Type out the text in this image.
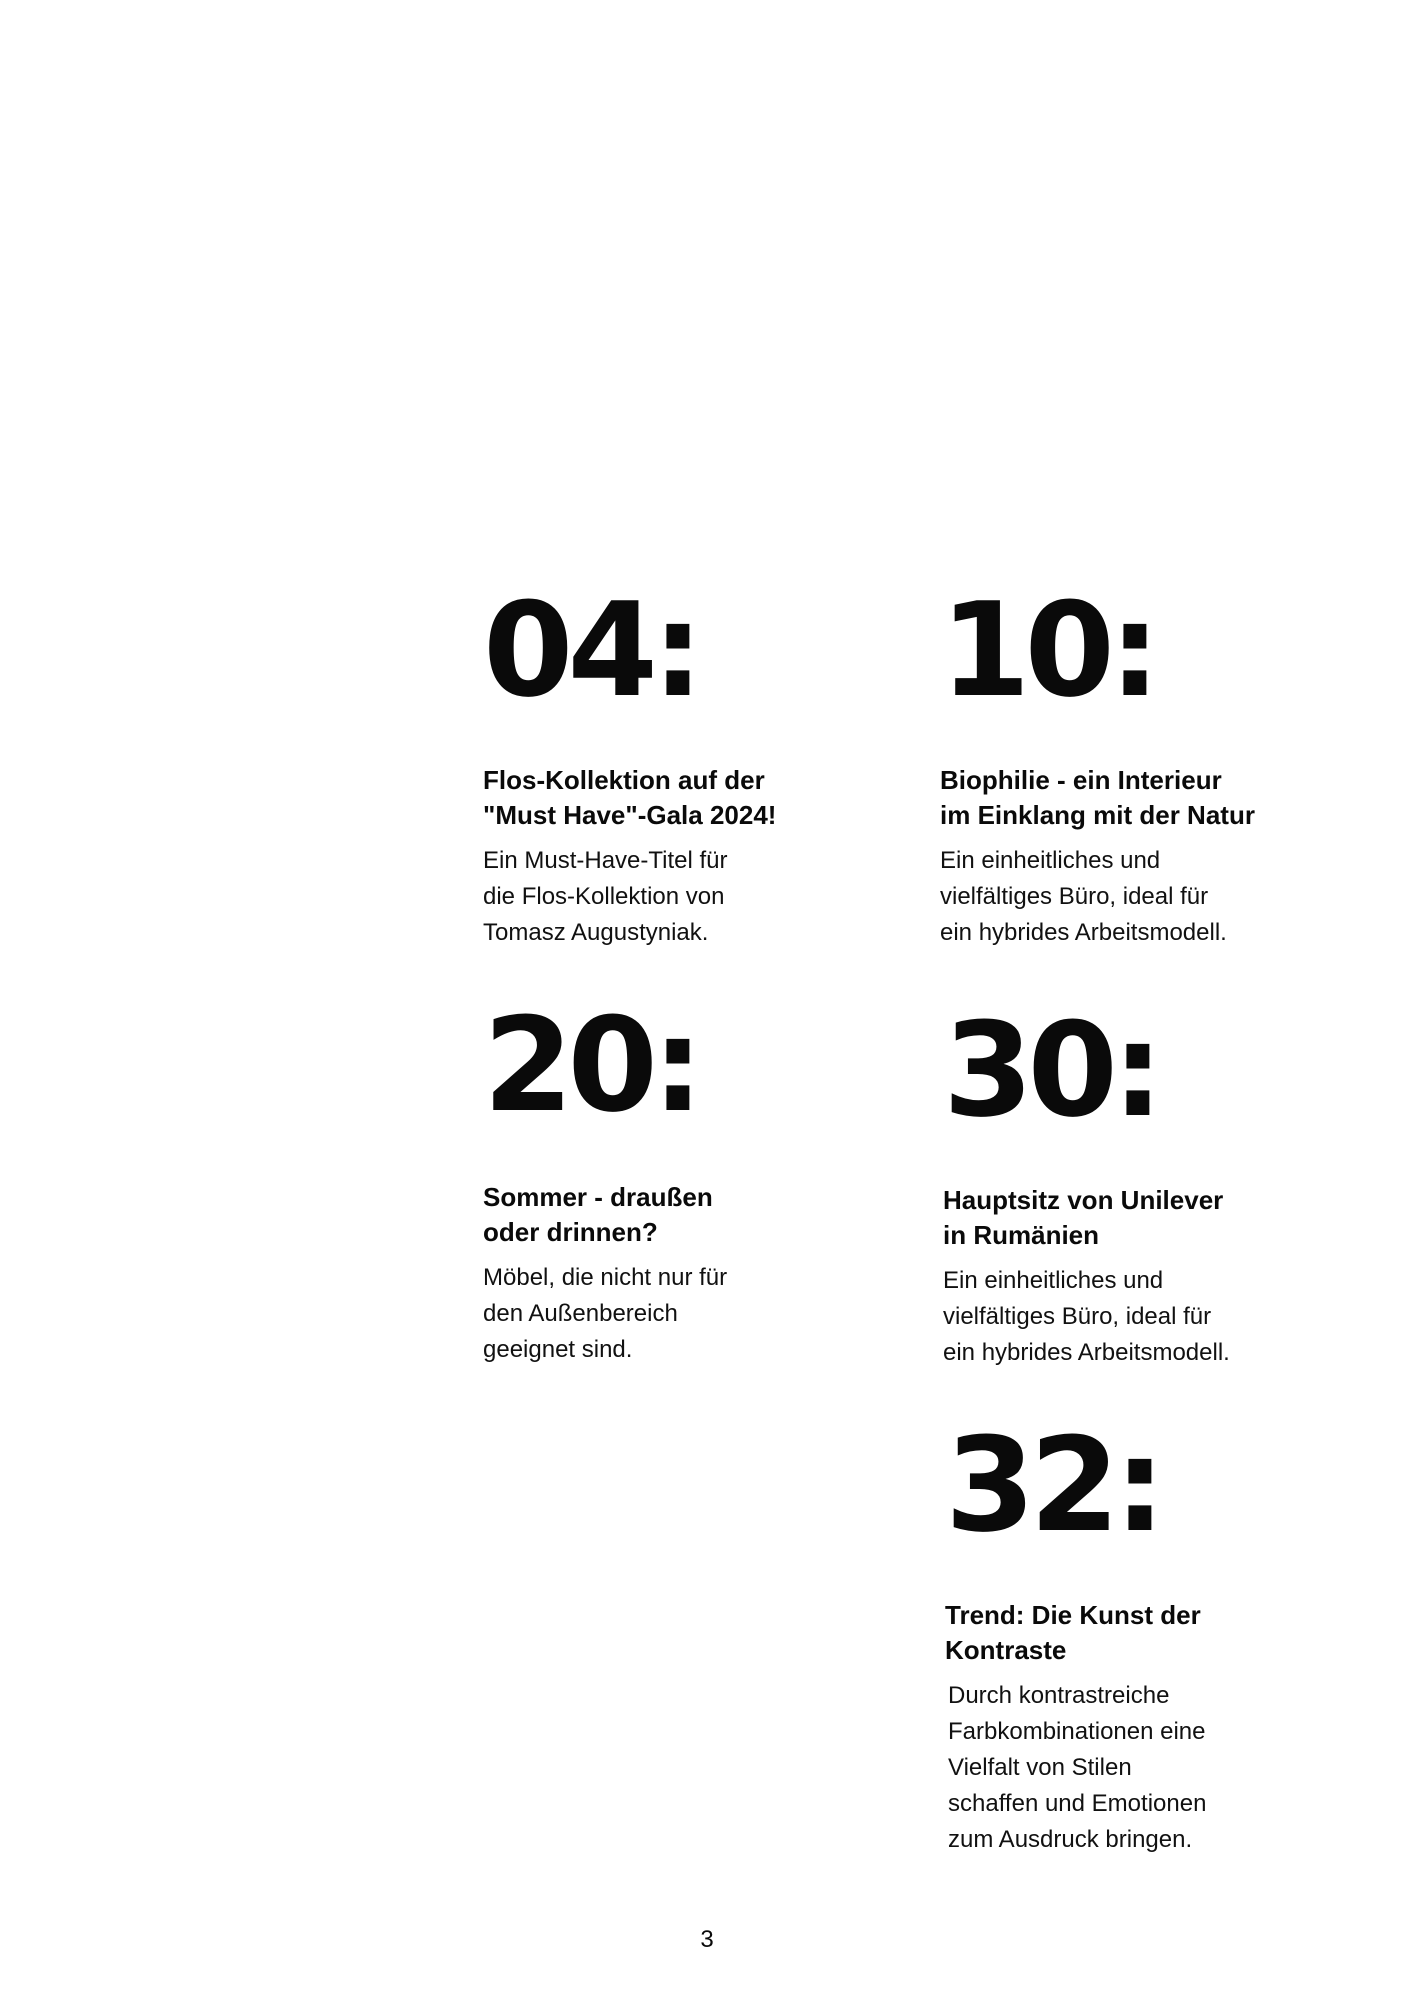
04:
Flos-Kollektion auf der
"Must Have"-Gala 2024!
Ein Must-Have-Titel für
die Flos-Kollektion von
Tomasz Augustyniak.
10:
Biophilie - ein Interieur
im Einklang mit der Natur
Ein einheitliches und
vielfältiges Büro, ideal für
ein hybrides Arbeitsmodell.
20:
Sommer - draußen
oder drinnen?
Möbel, die nicht nur für
den Außenbereich
geeignet sind.
30:
Hauptsitz von Unilever
in Rumänien
Ein einheitliches und
vielfältiges Büro, ideal für
ein hybrides Arbeitsmodell.
32:
Trend: Die Kunst der
Kontraste
Durch kontrastreiche
Farbkombinationen eine
Vielfalt von Stilen
schaffen und Emotionen
zum Ausdruck bringen.

3
